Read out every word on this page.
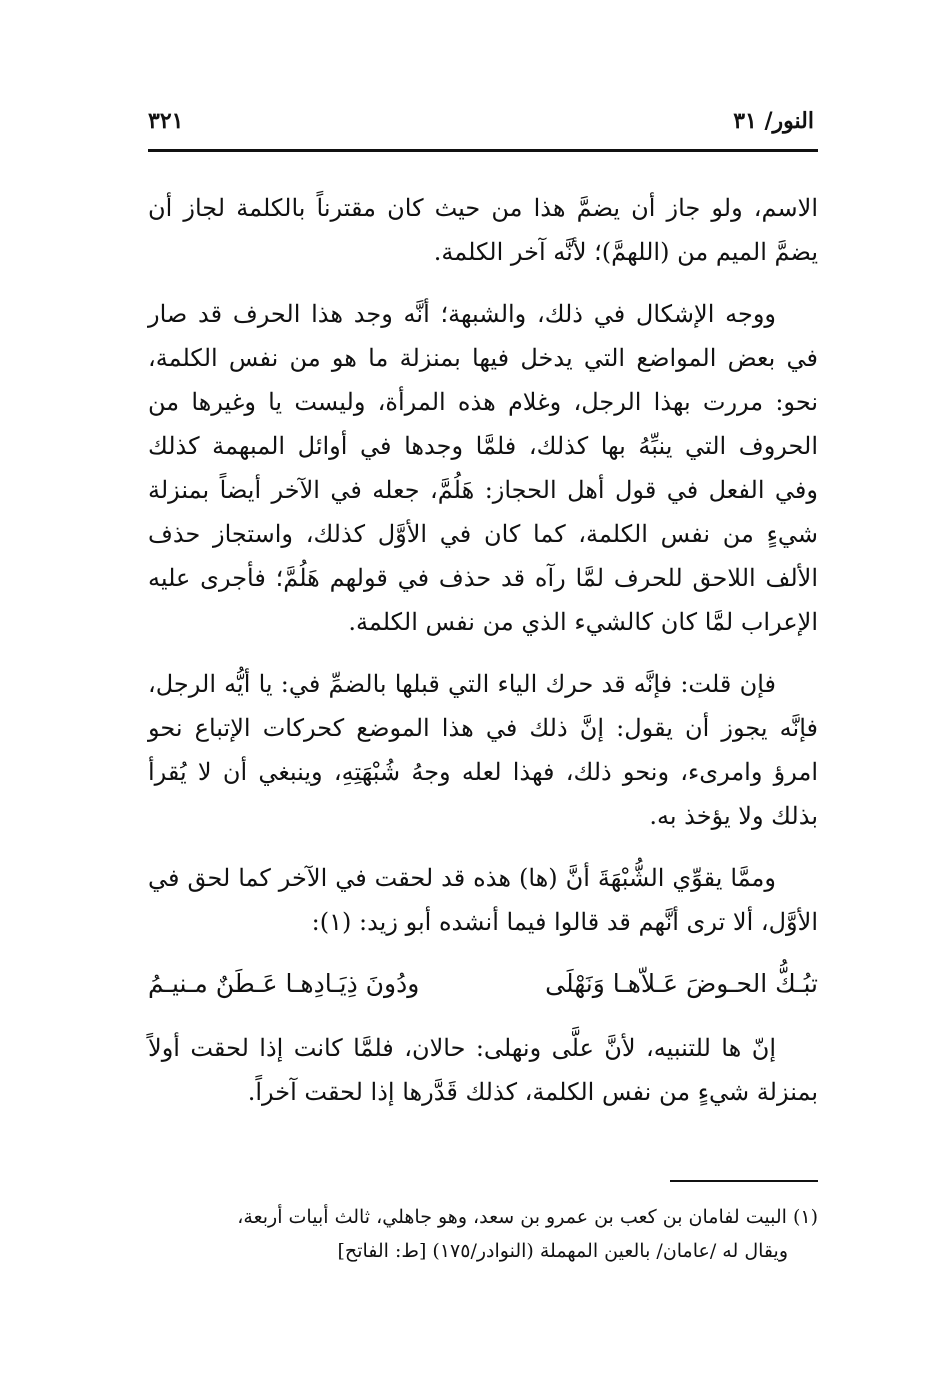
النور/ ٣١
٣٢١

الاسم، ولو جاز أن يضمَّ هذا من حيث كان مقترناً بالكلمة لجاز أن يضمَّ الميم من (اللهمَّ)؛ لأنَّه آخر الكلمة.

ووجه الإشكال في ذلك، والشبهة؛ أنَّه وجد هذا الحرف قد صار في بعض المواضع التي يدخل فيها بمنزلة ما هو من نفس الكلمة، نحو: مررت بهذا الرجل، وغلام هذه المرأة، وليست يا وغيرها من الحروف التي ينبِّهُ بها كذلك، فلمَّا وجدها في أوائل المبهمة كذلك وفي الفعل في قول أهل الحجاز: هَلُمَّ، جعله في الآخر أيضاً بمنزلة شيءٍ من نفس الكلمة، كما كان في الأوَّل كذلك، واستجاز حذف الألف اللاحق للحرف لمَّا رآه قد حذف في قولهم هَلُمَّ؛ فأجرى عليه الإعراب لمَّا كان كالشيء الذي من نفس الكلمة.

فإن قلت: فإنَّه قد حرك الياء التي قبلها بالضمِّ في: يا أيُّه الرجل، فإنَّه يجوز أن يقول: إنَّ ذلك في هذا الموضع كحركات الإتباع نحو امرؤ وامرىء، ونحو ذلك، فهذا لعله وجهُ شُبْهَتِهِ، وينبغي أن لا يُقرأ بذلك ولا يؤخذ به.

وممَّا يقوِّي الشُّبْهَةَ أنَّ (ها) هذه قد لحقت في الآخر كما لحق في الأوَّل، ألا ترى أنَّهم قد قالوا فيما أنشده أبو زيد: (١):

تبُـكُّ الحـوضَ عَـلاّهـا وَنَهْلَى
ودُونَ ذِيَـادِهـا عَـطَنٌ مـنيـمُ

إنّ ها للتنبيه، لأنَّ علَّى ونهلى: حالان، فلمَّا كانت إذا لحقت أولاً بمنزلة شيءٍ من نفس الكلمة، كذلك قَدَّرها إذا لحقت آخراً.

(١) البيت لفامان بن كعب بن عمرو بن سعد، وهو جاهلي، ثالث أبيات أربعة،

ويقال له /عامان/ بالعين المهملة (النوادر/١٧٥) [ط: الفاتح]
